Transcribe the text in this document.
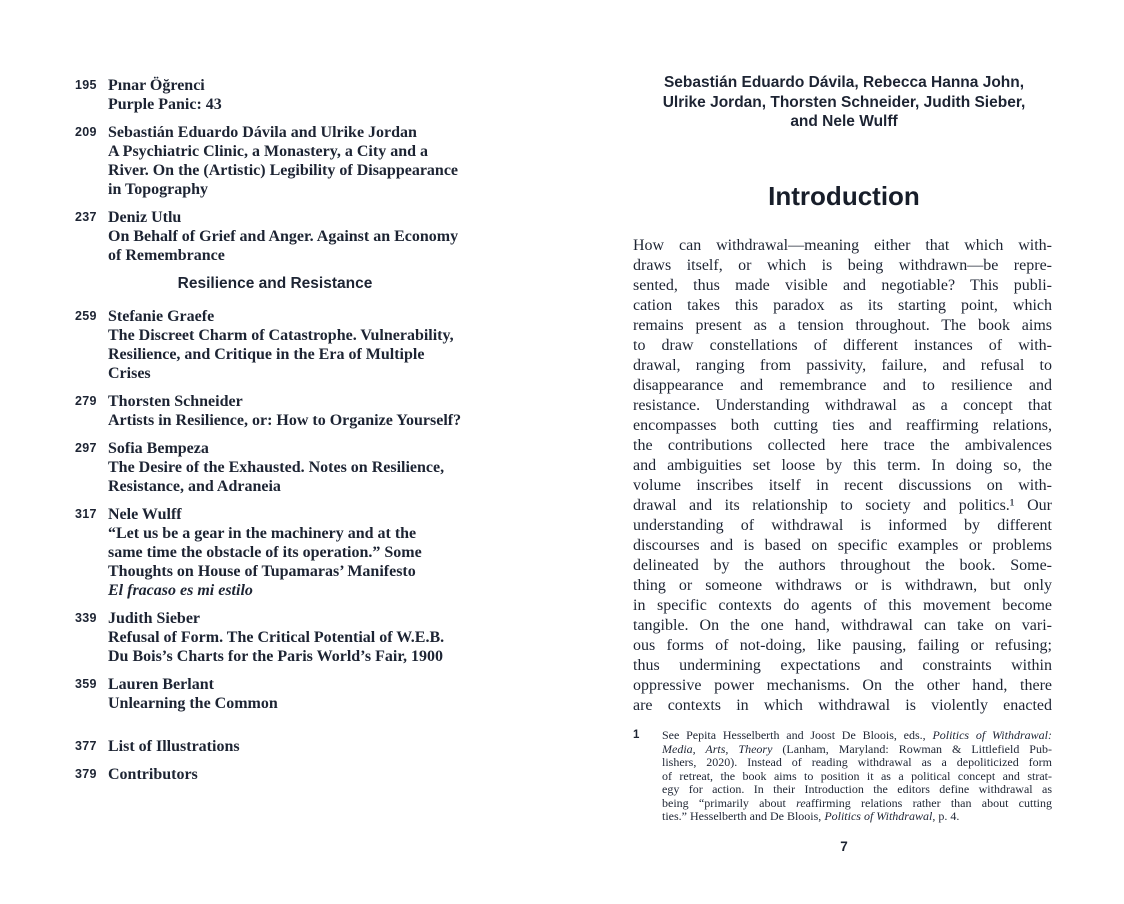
195 Pınar Öğrenci
Purple Panic: 43
209 Sebastián Eduardo Dávila and Ulrike Jordan
A Psychiatric Clinic, a Monastery, a City and a
River. On the (Artistic) Legibility of Disappearance
in Topography
237 Deniz Utlu
On Behalf of Grief and Anger. Against an Economy
of Remembrance
Resilience and Resistance
259 Stefanie Graefe
The Discreet Charm of Catastrophe. Vulnerability,
Resilience, and Critique in the Era of Multiple
Crises
279 Thorsten Schneider
Artists in Resilience, or: How to Organize Yourself?
297 Sofia Bempeza
The Desire of the Exhausted. Notes on Resilience,
Resistance, and Adraneia
317 Nele Wulff
“Let us be a gear in the machinery and at the
same time the obstacle of its operation.” Some
Thoughts on House of Tupamaras’ Manifesto
El fracaso es mi estilo
339 Judith Sieber
Refusal of Form. The Critical Potential of W.E.B.
Du Bois’s Charts for the Paris World’s Fair, 1900
359 Lauren Berlant
Unlearning the Common
377 List of Illustrations
379 Contributors
Sebastián Eduardo Dávila, Rebecca Hanna John,
Ulrike Jordan, Thorsten Schneider, Judith Sieber,
and Nele Wulff
Introduction
How can withdrawal—meaning either that which with-
draws itself, or which is being withdrawn—be repre-
sented, thus made visible and negotiable? This publi-
cation takes this paradox as its starting point, which
remains present as a tension throughout. The book aims
to draw constellations of different instances of with-
drawal, ranging from passivity, failure, and refusal to
disappearance and remembrance and to resilience and
resistance. Understanding withdrawal as a concept that
encompasses both cutting ties and reaffirming relations,
the contributions collected here trace the ambivalences
and ambiguities set loose by this term. In doing so, the
volume inscribes itself in recent discussions on with-
drawal and its relationship to society and politics.¹ Our
understanding of withdrawal is informed by different
discourses and is based on specific examples or problems
delineated by the authors throughout the book. Some-
thing or someone withdraws or is withdrawn, but only
in specific contexts do agents of this movement become
tangible. On the one hand, withdrawal can take on vari-
ous forms of not-doing, like pausing, failing or refusing;
thus undermining expectations and constraints within
oppressive power mechanisms. On the other hand, there
are contexts in which withdrawal is violently enacted
1	See Pepita Hesselberth and Joost De Bloois, eds., Politics of Withdrawal:
Media, Arts, Theory (Lanham, Maryland: Rowman & Littlefield Pub-
lishers, 2020). Instead of reading withdrawal as a depoliticized form
of retreat, the book aims to position it as a political concept and strat-
egy for action. In their Introduction the editors define withdrawal as
being “primarily about reaffirming relations rather than about cutting
ties.” Hesselberth and De Bloois, Politics of Withdrawal, p. 4.
7
